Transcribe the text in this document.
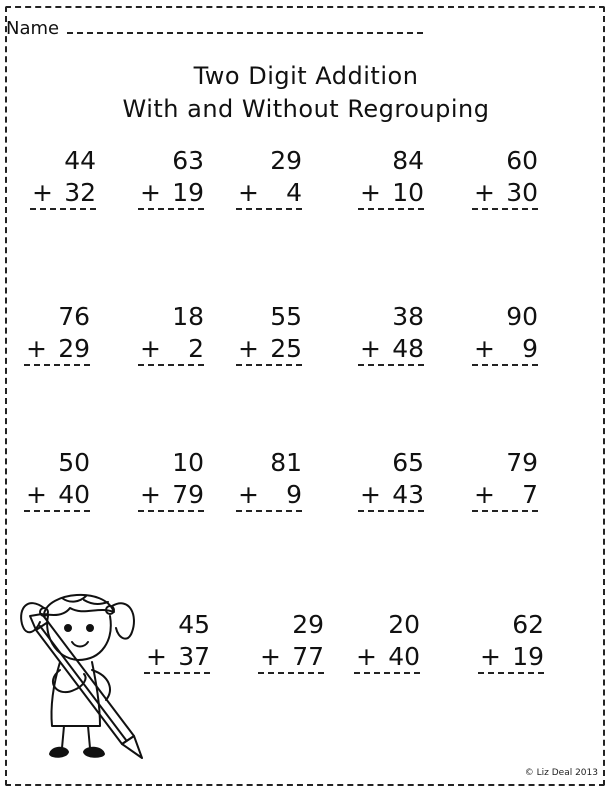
Name
Two Digit Addition
With and Without Regrouping
44
+ 32
63
+ 19
29
+ 4
84
+ 10
60
+ 30
76
+ 29
18
+ 2
55
+ 25
38
+ 48
90
+ 9
50
+ 40
10
+ 79
81
+ 9
65
+ 43
79
+ 7
45
+ 37
29
+ 77
20
+ 40
62
+ 19
© Liz Deal 2013
